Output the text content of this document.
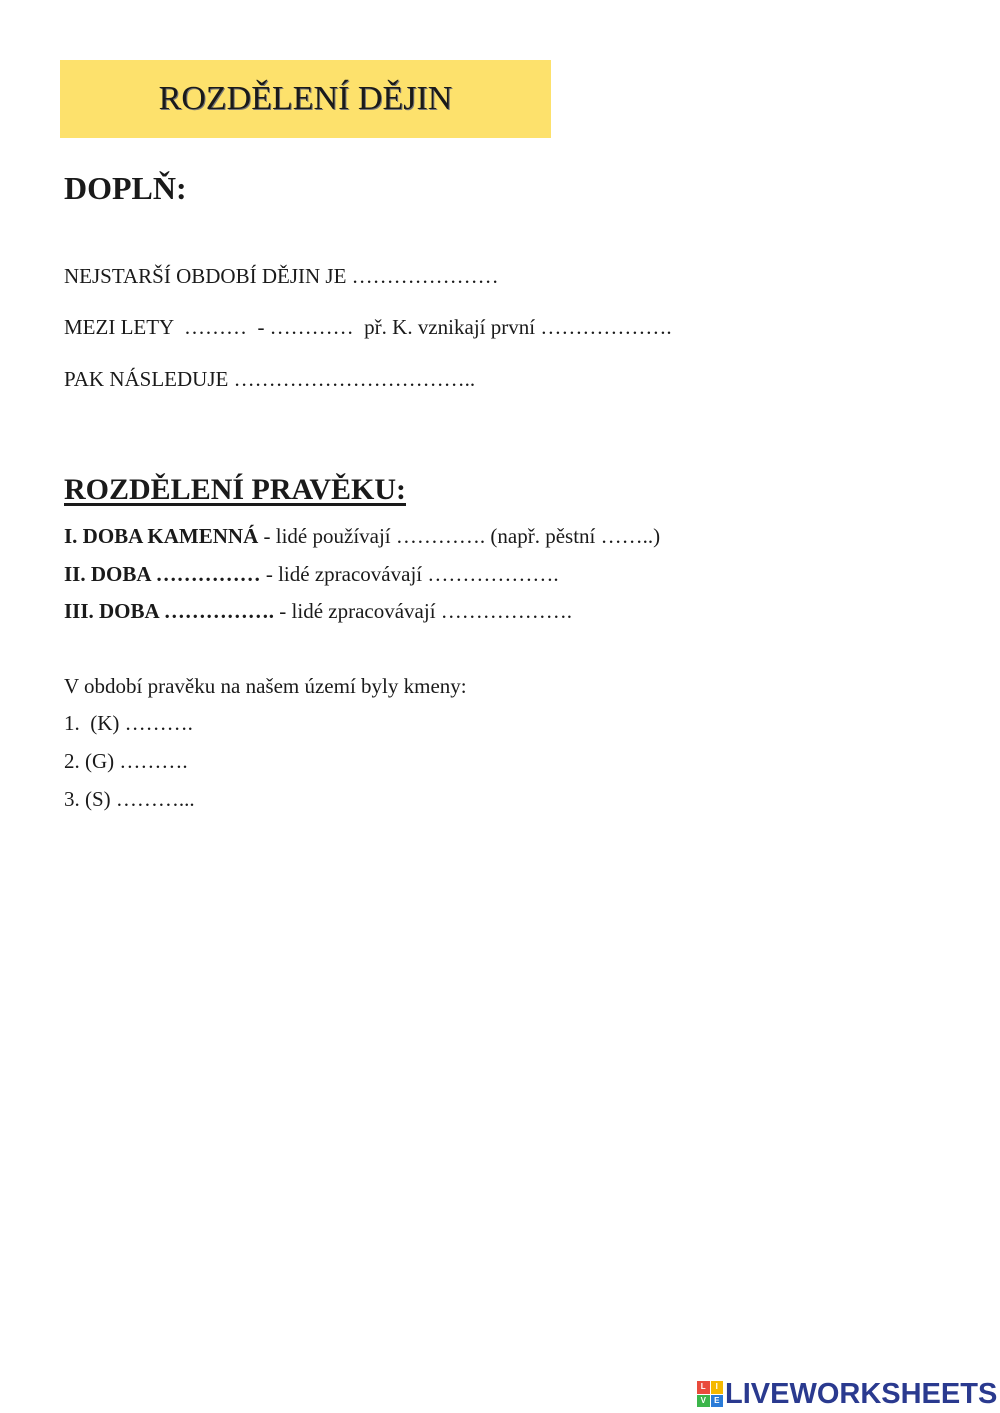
ROZDĚLENÍ DĚJIN
DOPLŇ:

NEJSTARŠÍ OBDOBÍ DĚJIN JE …………………

MEZI LETY  ………  - …………  př. K. vznikají první ……………….

PAK NÁSLEDUJE ……………………………..

ROZDĚLENÍ PRAVĚKU:

I. DOBA KAMENNÁ - lidé používají …………. (např. pěstní ……..)

II. DOBA …………… - lidé zpracovávají ……………….

III. DOBA ……………. - lidé zpracovávají ……………….

V období pravěku na našem území byly kmeny:

1.  (K) ……….

2. (G) ……….

3. (S) ………...

L	I
V	E LIVEWORKSHEETS
